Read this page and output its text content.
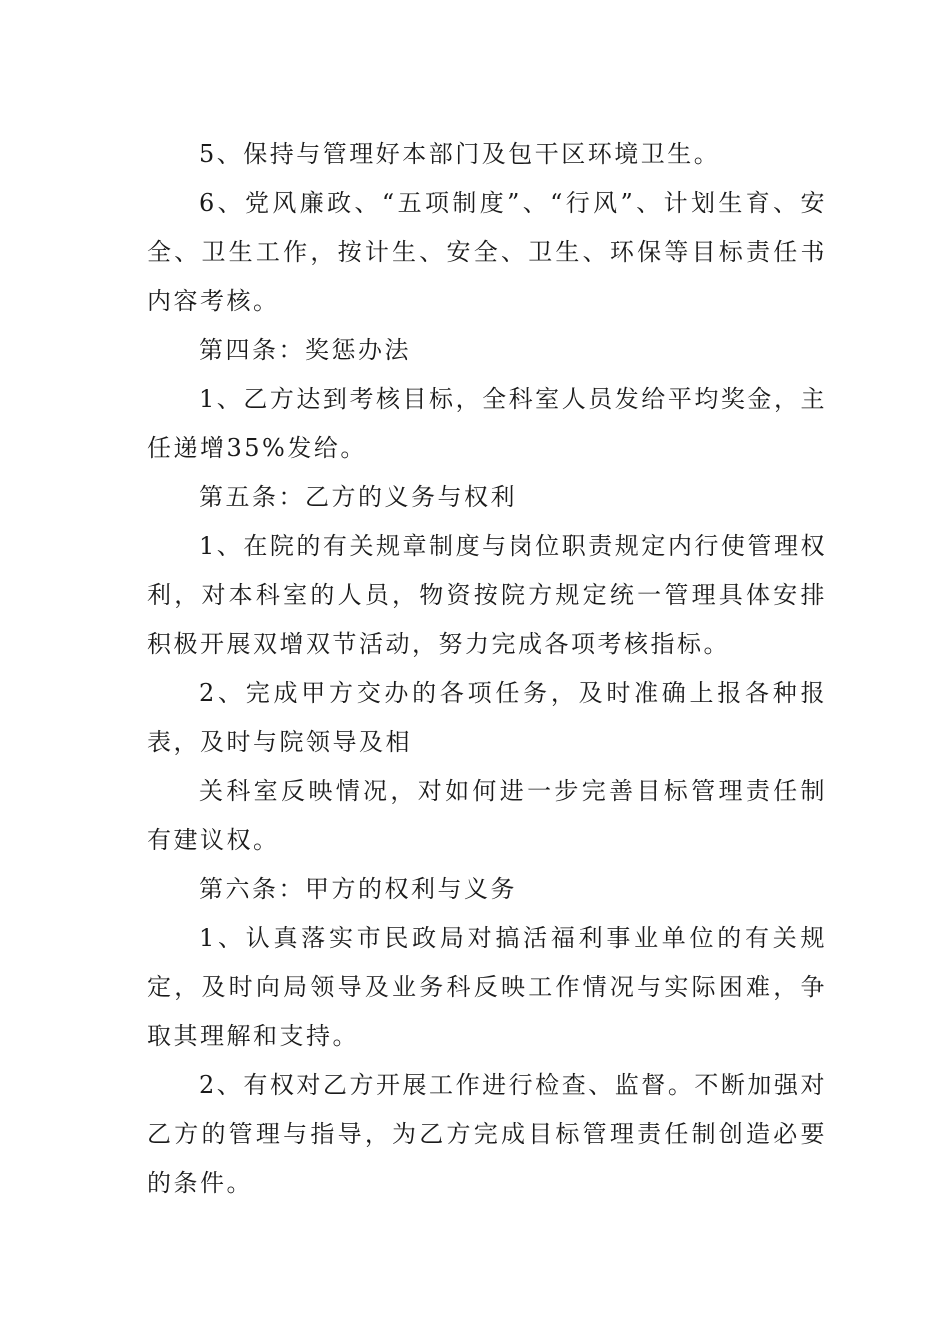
5、保持与管理好本部门及包干区环境卫生。

6、党风廉政、“五项制度”、“行风”、计划生育、安全、卫生工作，按计生、安全、卫生、环保等目标责任书内容考核。

第四条：奖惩办法

1、乙方达到考核目标，全科室人员发给平均奖金，主任递增35%发给。

第五条：乙方的义务与权利

1、在院的有关规章制度与岗位职责规定内行使管理权利，对本科室的人员，物资按院方规定统一管理具体安排积极开展双增双节活动，努力完成各项考核指标。

2、完成甲方交办的各项任务，及时准确上报各种报表，及时与院领导及相

关科室反映情况，对如何进一步完善目标管理责任制有建议权。

第六条：甲方的权利与义务

1、认真落实市民政局对搞活福利事业单位的有关规定，及时向局领导及业务科反映工作情况与实际困难，争取其理解和支持。

2、有权对乙方开展工作进行检查、监督。不断加强对乙方的管理与指导，为乙方完成目标管理责任制创造必要的条件。
